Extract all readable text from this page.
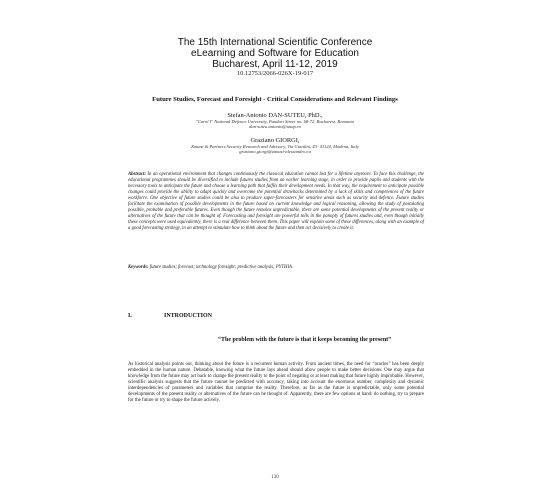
The 15th International Scientific Conference
eLearning and Software for Education
Bucharest, April 11-12, 2019
10.12753/2066-026X-19-017
Future Studies, Forecast and Foresight - Critical Considerations and Relevant Findings
Stefan-Antonio DAN-SUTEU, PhD.,
"Carol I" National Defence University, Panduri Street no. 68-72, Bucharest, Romania
dan-suteu.antonio@unap.ro
Graziano GIORGI,
Zanasi & Partners Security Research and Advisory, Via Giardini, 43- 41124, Modena, Italy
graziano.giorgi@zanasi-alessandro.eu
Abstract: In an operational environment that changes continuously the classical education cannot last for a lifetime anymore. To face this challenge, the educational programmes should be diversified to include futures studies from an earlier learning stage, in order to provide pupils and students with the necessary tools to anticipate the future and choose a learning path that fulfils their development needs. In that way, the requirement to anticipate possible changes could provide the ability to adapt quickly and overcome the potential drawbacks determined by a lack of skills and competences of the future workforce. One objective of future studies could be also to produce super-forecasters for sensitive areas such as security and defence. Future studies facilitate the examination of possible developments in the future based on current knowledge and logical reasoning, allowing the study of postulating possible, probable and preferable futures. Even though the future remains unpredictable, there are some potential developments of the present reality or alternatives of the future that can be thought of. Forecasting and foresight are powerful tolls in the panoply of futures studies and, even though initially these concepts were used equivalently, there is a real difference between them. This paper will explain some of these differences, along with an example of a good forecasting strategy, in an attempt to stimulate how to think about the future and then act decisively to create it.
Keywords: future studies; forecast; technology foresight; predictive analysis; PYTHIA.
I.	INTRODUCTION
“The problem with the future is that it keeps becoming the present”
As historical analysis points out, thinking about the future is a recurrent human activity. From ancient times, the need for “oracles” has been deeply embedded in the human nature. Debatable, knowing what the future lays ahead should allow people to make better decisions. One may argue that knowledge from the future may act back to change the present reality to the point of negating or at least making that future highly improbable. However, scientific analysis suggests that the future cannot be predicted with accuracy, taking into account the enormous number, complexity and dynamic interdependencies of parameters and variables that comprise the reality. Therefore, as far as the future is unpredictable, only some potential developments of the present reality or alternatives of the future can be thought of. Apparently, there are few options at hand: do nothing, try to prepare for the future or try to shape the future actively.
130
